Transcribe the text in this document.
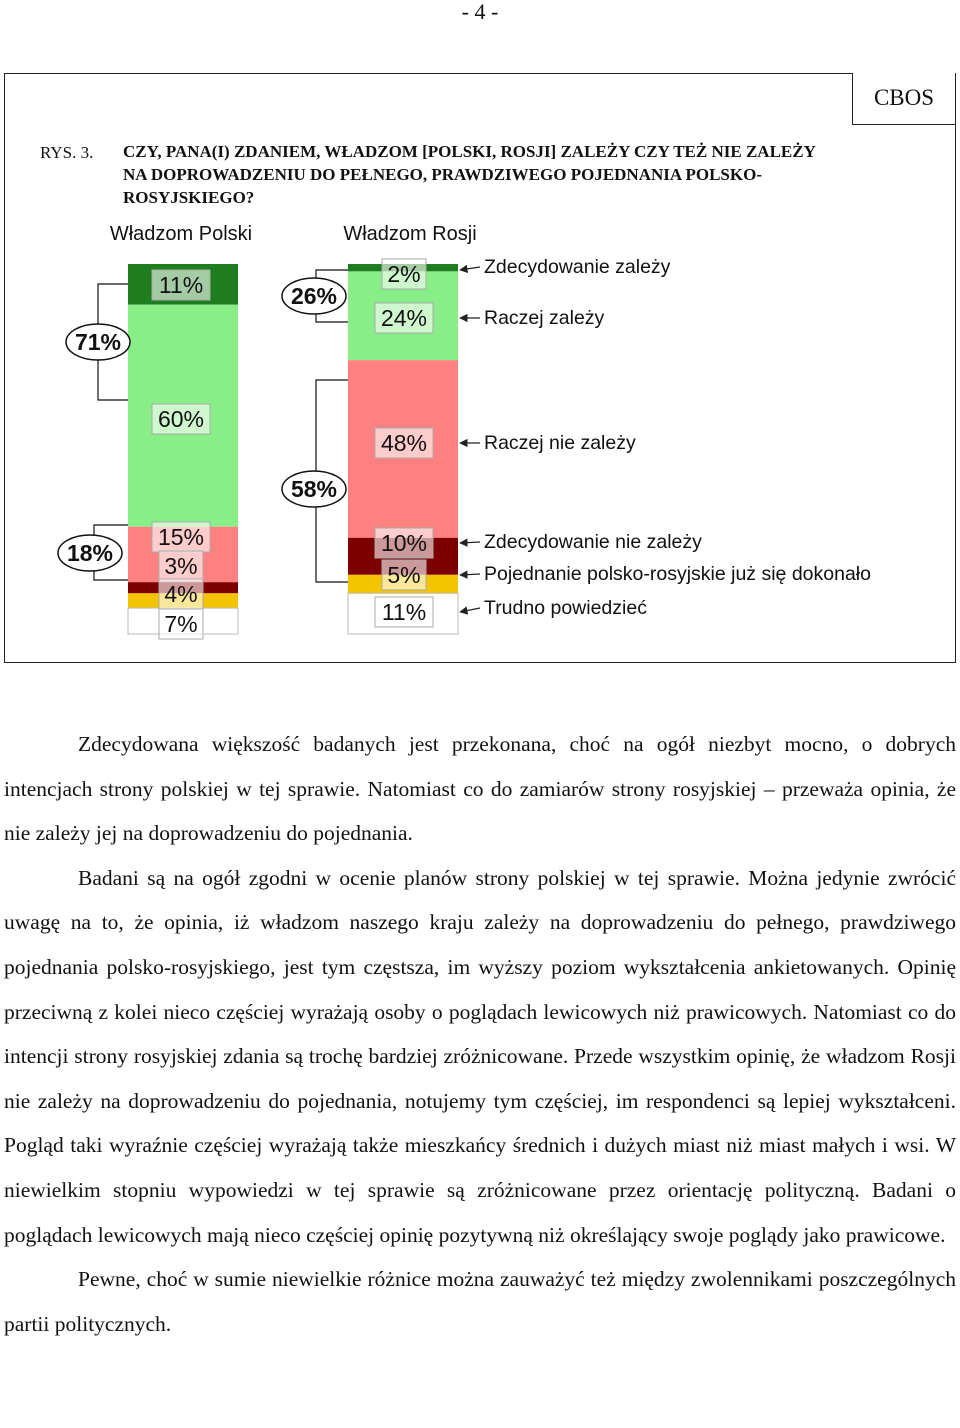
- 4 -
CBOS
RYS. 3. CZY, PANA(I) ZDANIEM, WŁADZOM [POLSKI, ROSJI] ZALEŻY CZY TEŻ NIE ZALEŻY NA DOPROWADZENIU DO PEŁNEGO, PRAWDZIWEGO POJEDNANIA POLSKO-ROSYJSKIEGO?
Władzom Polski	Władzom Rosji
11%
60%
15%
3%
4%
7%
2%
24%
48%
10%
5%
11%
71%
18%
26%
58%
Zdecydowanie zależy
Raczej zależy
Raczej nie zależy
Zdecydowanie nie zależy
Pojednanie polsko-rosyjskie już się dokonało
Trudno powiedzieć

Zdecydowana większość badanych jest przekonana, choć na ogół niezbyt mocno, o dobrych intencjach strony polskiej w tej sprawie. Natomiast co do zamiarów strony rosyjskiej – przeważa opinia, że nie zależy jej na doprowadzeniu do pojednania.

Badani są na ogół zgodni w ocenie planów strony polskiej w tej sprawie. Można jedynie zwrócić uwagę na to, że opinia, iż władzom naszego kraju zależy na doprowadzeniu do pełnego, prawdziwego pojednania polsko-rosyjskiego, jest tym częstsza, im wyższy poziom wykształcenia ankietowanych. Opinię przeciwną z kolei nieco częściej wyrażają osoby o poglądach lewicowych niż prawicowych. Natomiast co do intencji strony rosyjskiej zdania są trochę bardziej zróżnicowane. Przede wszystkim opinię, że władzom Rosji nie zależy na doprowadzeniu do pojednania, notujemy tym częściej, im respondenci są lepiej wykształceni. Pogląd taki wyraźnie częściej wyrażają także mieszkańcy średnich i dużych miast niż miast małych i wsi. W niewielkim stopniu wypowiedzi w tej sprawie są zróżnicowane przez orientację polityczną. Badani o poglądach lewicowych mają nieco częściej opinię pozytywną niż określający swoje poglądy jako prawicowe.

Pewne, choć w sumie niewielkie różnice można zauważyć też między zwolennikami poszczególnych partii politycznych.
